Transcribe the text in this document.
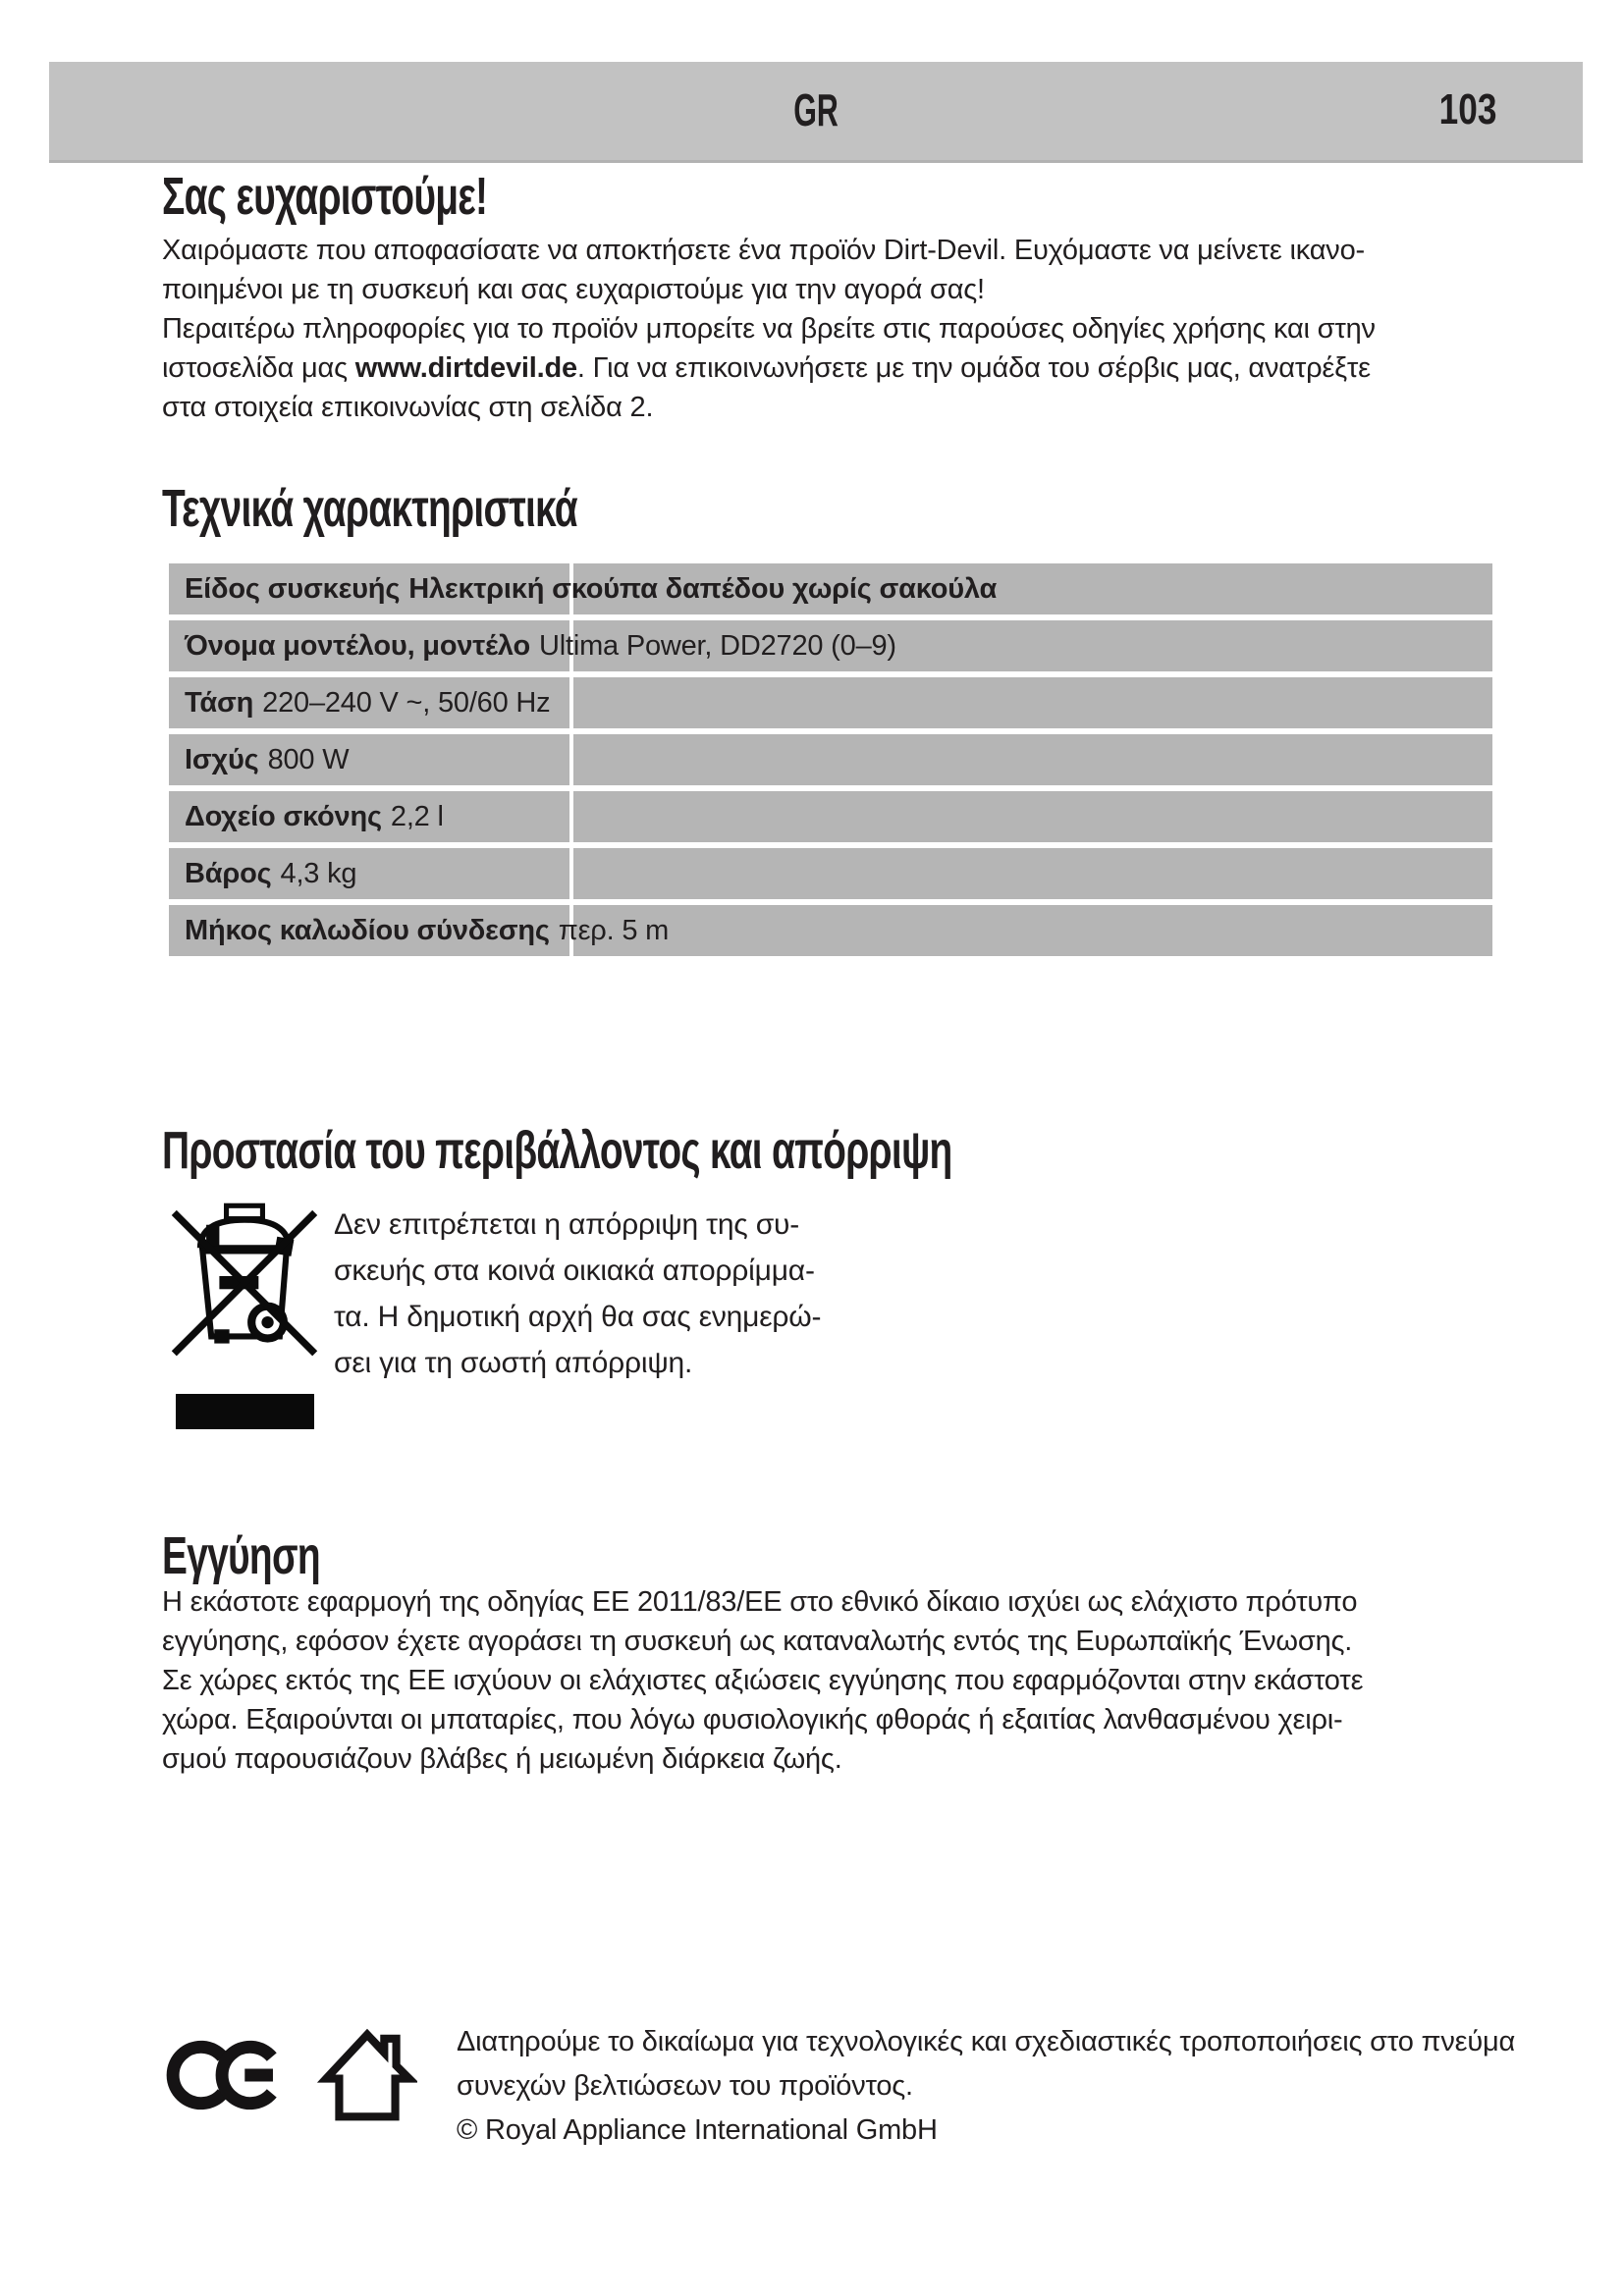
GR	103
Σας ευχαριστούμε!
Χαιρόμαστε που αποφασίσατε να αποκτήσετε ένα προϊόν Dirt-Devil. Ευχόμαστε να μείνετε ικανο-
ποιημένοι με τη συσκευή και σας ευχαριστούμε για την αγορά σας!
Περαιτέρω πληροφορίες για το προϊόν μπορείτε να βρείτε στις παρούσες οδηγίες χρήσης και στην
ιστοσελίδα μας www.dirtdevil.de. Για να επικοινωνήσετε με την ομάδα του σέρβις μας, ανατρέξτε
στα στοιχεία επικοινωνίας στη σελίδα 2.
Τεχνικά χαρακτηριστικά
Είδος συσκευής Ηλεκτρική σκούπα δαπέδου χωρίς σακούλα
Όνομα μοντέλου, μοντέλο Ultima Power, DD2720 (0–9)
Τάση 220–240 V ~, 50/60 Hz
Ισχύς 800 W
Δοχείο σκόνης 2,2 l
Βάρος 4,3 kg
Μήκος καλωδίου σύνδεσης περ. 5 m
Προστασία του περιβάλλοντος και απόρριψη
Δεν επιτρέπεται η απόρριψη της συ-
σκευής στα κοινά οικιακά απορρίμμα-
τα. Η δημοτική αρχή θα σας ενημερώ-
σει για τη σωστή απόρριψη.
Εγγύηση
Η εκάστοτε εφαρμογή της οδηγίας ΕΕ 2011/83/ΕΕ στο εθνικό δίκαιο ισχύει ως ελάχιστο πρότυπο
εγγύησης, εφόσον έχετε αγοράσει τη συσκευή ως καταναλωτής εντός της Ευρωπαϊκής Ένωσης.
Σε χώρες εκτός της ΕΕ ισχύουν οι ελάχιστες αξιώσεις εγγύησης που εφαρμόζονται στην εκάστοτε
χώρα. Εξαιρούνται οι μπαταρίες, που λόγω φυσιολογικής φθοράς ή εξαιτίας λανθασμένου χειρι-
σμού παρουσιάζουν βλάβες ή μειωμένη διάρκεια ζωής.
Διατηρούμε το δικαίωμα για τεχνολογικές και σχεδιαστικές τροποποιήσεις στο πνεύμα
συνεχών βελτιώσεων του προϊόντος.
© Royal Appliance International GmbH
